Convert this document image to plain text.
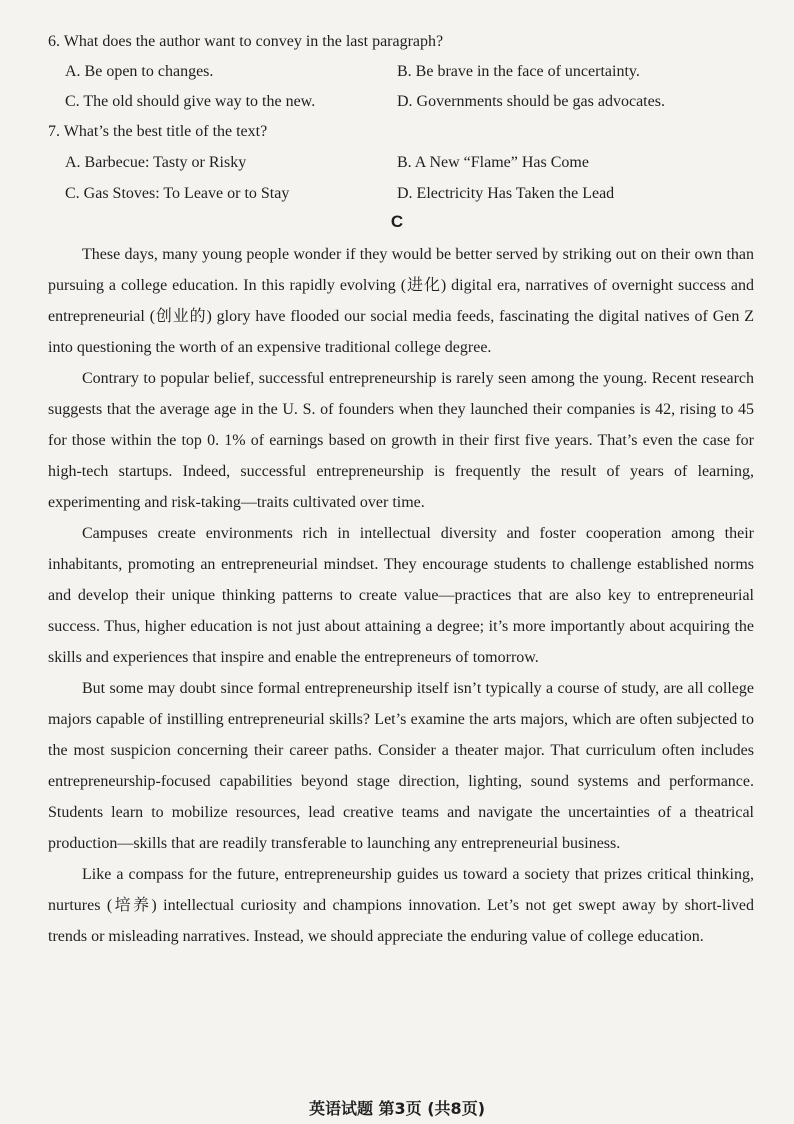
6. What does the author want to convey in the last paragraph?
A. Be open to changes.	B. Be brave in the face of uncertainty.
C. The old should give way to the new.	D. Governments should be gas advocates.
7. What’s the best title of the text?
A. Barbecue: Tasty or Risky	B. A New “Flame” Has Come
C. Gas Stoves: To Leave or to Stay	D. Electricity Has Taken the Lead
C

These days, many young people wonder if they would be better served by striking out on their own than pursuing a college education. In this rapidly evolving (进化) digital era, narratives of overnight success and entrepreneurial (创业的) glory have flooded our social media feeds, fascinating the digital natives of Gen Z into questioning the worth of an expensive traditional college degree.

Contrary to popular belief, successful entrepreneurship is rarely seen among the young. Recent research suggests that the average age in the U. S. of founders when they launched their companies is 42, rising to 45 for those within the top 0. 1% of earnings based on growth in their first five years. That’s even the case for high-tech startups. Indeed, successful entrepreneurship is frequently the result of years of learning, experimenting and risk-taking—traits cultivated over time.

Campuses create environments rich in intellectual diversity and foster cooperation among their inhabitants, promoting an entrepreneurial mindset. They encourage students to challenge established norms and develop their unique thinking patterns to create value—practices that are also key to entrepreneurial success. Thus, higher education is not just about attaining a degree; it’s more importantly about acquiring the skills and experiences that inspire and enable the entrepreneurs of tomorrow.

But some may doubt since formal entrepreneurship itself isn’t typically a course of study, are all college majors capable of instilling entrepreneurial skills? Let’s examine the arts majors, which are often subjected to the most suspicion concerning their career paths. Consider a theater major. That curriculum often includes entrepreneurship-focused capabilities beyond stage direction, lighting, sound systems and performance. Students learn to mobilize resources, lead creative teams and navigate the uncertainties of a theatrical production—skills that are readily transferable to launching any entrepreneurial business.

Like a compass for the future, entrepreneurship guides us toward a society that prizes critical thinking, nurtures (培养) intellectual curiosity and champions innovation. Let’s not get swept away by short-lived trends or misleading narratives. Instead, we should appreciate the enduring value of college education.

英语试题 第3页 (共8页)
